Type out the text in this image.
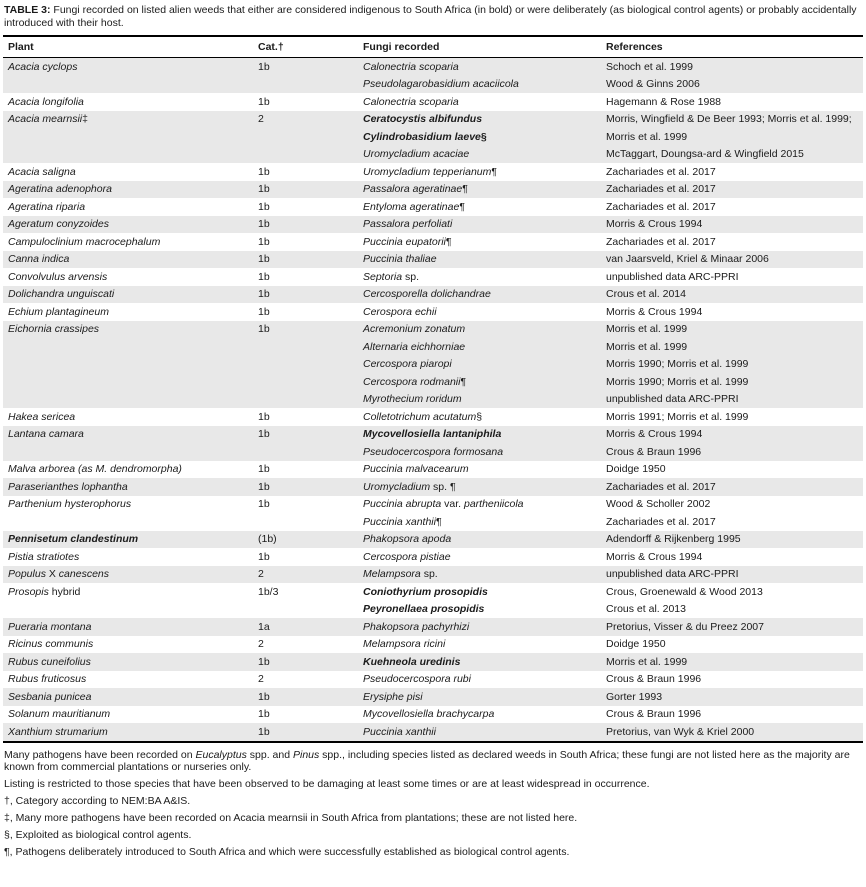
TABLE 3: Fungi recorded on listed alien weeds that either are considered indigenous to South Africa (in bold) or were deliberately (as biological control agents) or probably accidentally introduced with their host.
Plant	Cat.†	Fungi recorded	References
Acacia cyclops	1b	Calonectria scoparia	Schoch et al. 1999
		Pseudolagarobasidium acaciicola	Wood & Ginns 2006
Acacia longifolia	1b	Calonectria scoparia	Hagemann & Rose 1988
Acacia mearnsii‡	2	Ceratocystis albifundus	Morris, Wingfield & De Beer 1993; Morris et al. 1999;
		Cylindrobasidium laeve§	Morris et al. 1999
		Uromycladium acaciae	McTaggart, Doungsa-ard & Wingfield 2015
Acacia saligna	1b	Uromycladium tepperianum¶	Zachariades et al. 2017
Ageratina adenophora	1b	Passalora ageratinae¶	Zachariades et al. 2017
Ageratina riparia	1b	Entyloma ageratinae¶	Zachariades et al. 2017
Ageratum conyzoides	1b	Passalora perfoliati	Morris & Crous 1994
Campuloclinium macrocephalum	1b	Puccinia eupatorii¶	Zachariades et al. 2017
Canna indica	1b	Puccinia thaliae	van Jaarsveld, Kriel & Minaar 2006
Convolvulus arvensis	1b	Septoria sp.	unpublished data ARC-PPRI
Dolichandra unguiscati	1b	Cercosporella dolichandrae	Crous et al. 2014
Echium plantagineum	1b	Cerospora echii	Morris & Crous 1994
Eichornia crassipes	1b	Acremonium zonatum	Morris et al. 1999
		Alternaria eichhorniae	Morris et al. 1999
		Cercospora piaropi	Morris 1990; Morris et al. 1999
		Cercospora rodmanii¶	Morris 1990; Morris et al. 1999
		Myrothecium roridum	unpublished data ARC-PPRI
Hakea sericea	1b	Colletotrichum acutatum§	Morris 1991; Morris et al. 1999
Lantana camara	1b	Mycovellosiella lantaniphila	Morris & Crous 1994
		Pseudocercospora formosana	Crous & Braun 1996
Malva arborea (as M. dendromorpha)	1b	Puccinia malvacearum	Doidge 1950
Paraserianthes lophantha	1b	Uromycladium sp. ¶	Zachariades et al. 2017
Parthenium hysterophorus	1b	Puccinia abrupta var. partheniicola	Wood & Scholler 2002
		Puccinia xanthii¶	Zachariades et al. 2017
Pennisetum clandestinum	(1b)	Phakopsora apoda	Adendorff & Rijkenberg 1995
Pistia stratiotes	1b	Cercospora pistiae	Morris & Crous 1994
Populus X canescens	2	Melampsora sp.	unpublished data ARC-PPRI
Prosopis hybrid	1b/3	Coniothyrium prosopidis	Crous, Groenewald & Wood 2013
		Peyronellaea prosopidis	Crous et al. 2013
Pueraria montana	1a	Phakopsora pachyrhizi	Pretorius, Visser & du Preez 2007
Ricinus communis	2	Melampsora ricini	Doidge 1950
Rubus cuneifolius	1b	Kuehneola uredinis	Morris et al. 1999
Rubus fruticosus	2	Pseudocercospora rubi	Crous & Braun 1996
Sesbania punicea	1b	Erysiphe pisi	Gorter 1993
Solanum mauritianum	1b	Mycovellosiella brachycarpa	Crous & Braun 1996
Xanthium strumarium	1b	Puccinia xanthii	Pretorius, van Wyk & Kriel 2000
Many pathogens have been recorded on Eucalyptus spp. and Pinus spp., including species listed as declared weeds in South Africa; these fungi are not listed here as the majority are known from commercial plantations or nurseries only.
Listing is restricted to those species that have been observed to be damaging at least some times or are at least widespread in occurrence.
†, Category according to NEM:BA A&IS.
‡, Many more pathogens have been recorded on Acacia mearnsii in South Africa from plantations; these are not listed here.
§, Exploited as biological control agents.
¶, Pathogens deliberately introduced to South Africa and which were successfully established as biological control agents.
